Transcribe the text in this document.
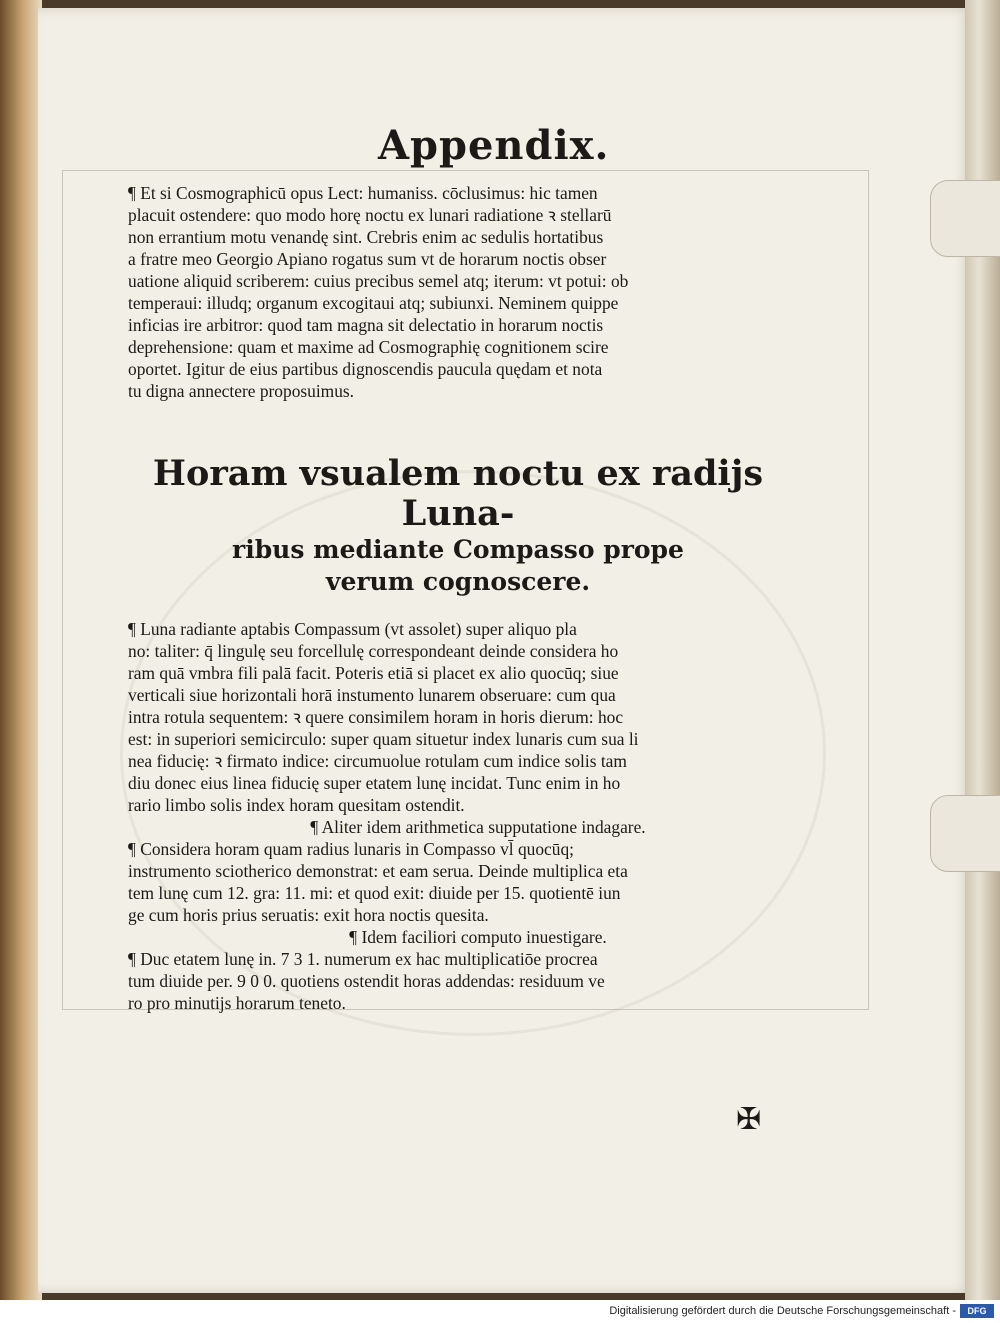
Appendix.
¶ Et si Cosmographicū opus Lect: humaniss. cōclusimus: hic tamen
placuit ostendere: quo modo horę noctu ex lunari radiatione ꝛ stellarū
non errantium motu venandę sint. Crebris enim ac sedulis hortatibus
a fratre meo Georgio Apiano rogatus sum vt de horarum noctis obser
uatione aliquid scriberem: cuius precibus semel atq; iterum: vt potui: ob
temperaui: illudq; organum excogitaui atq; subiunxi. Neminem quippe
inficias ire arbitror: quod tam magna sit delectatio in horarum noctis
deprehensione: quam et maxime ad Cosmographię cognitionem scire
oportet. Igitur de eius partibus dignoscendis paucula quędam et nota
tu digna annectere proposuimus.
Horam vsualem noctu ex radijs Luna-
ribus mediante Compasso prope
verum cognoscere.
¶ Luna radiante aptabis Compassum (vt assolet) super aliquo pla
no: taliter: q̄ lingulę seu forcellulę correspondeant deinde considera ho
ram quā vmbra fili palā facit. Poteris etiā si placet ex alio quocūq; siue
verticali siue horizontali horā instumento lunarem obseruare: cum qua
intra rotula sequentem: ꝛ quere consimilem horam in horis dierum: hoc
est: in superiori semicirculo: super quam situetur index lunaris cum sua li
nea fiducię: ꝛ firmato indice: circumuolue rotulam cum indice solis tam
diu donec eius linea fiducię super etatem lunę incidat. Tunc enim in ho
rario limbo solis index horam quesitam ostendit.
¶ Aliter idem arithmetica supputatione indagare.
¶ Considera horam quam radius lunaris in Compasso vl̄ quocūq;
instrumento sciotherico demonstrat: et eam serua. Deinde multiplica eta
tem lunę cum 12. gra: 11. mi: et quod exit: diuide per 15. quotientē iun
ge cum horis prius seruatis: exit hora noctis quesita.
¶ Idem faciliori computo inuestigare.
¶ Duc etatem lunę in. 7 3 1. numerum ex hac multiplicatiōe procrea
tum diuide per. 9 0 0. quotiens ostendit horas addendas: residuum ve
ro pro minutijs horarum teneto.
✠
Digitalisierung gefördert durch die Deutsche Forschungsgemeinschaft -	DFG
